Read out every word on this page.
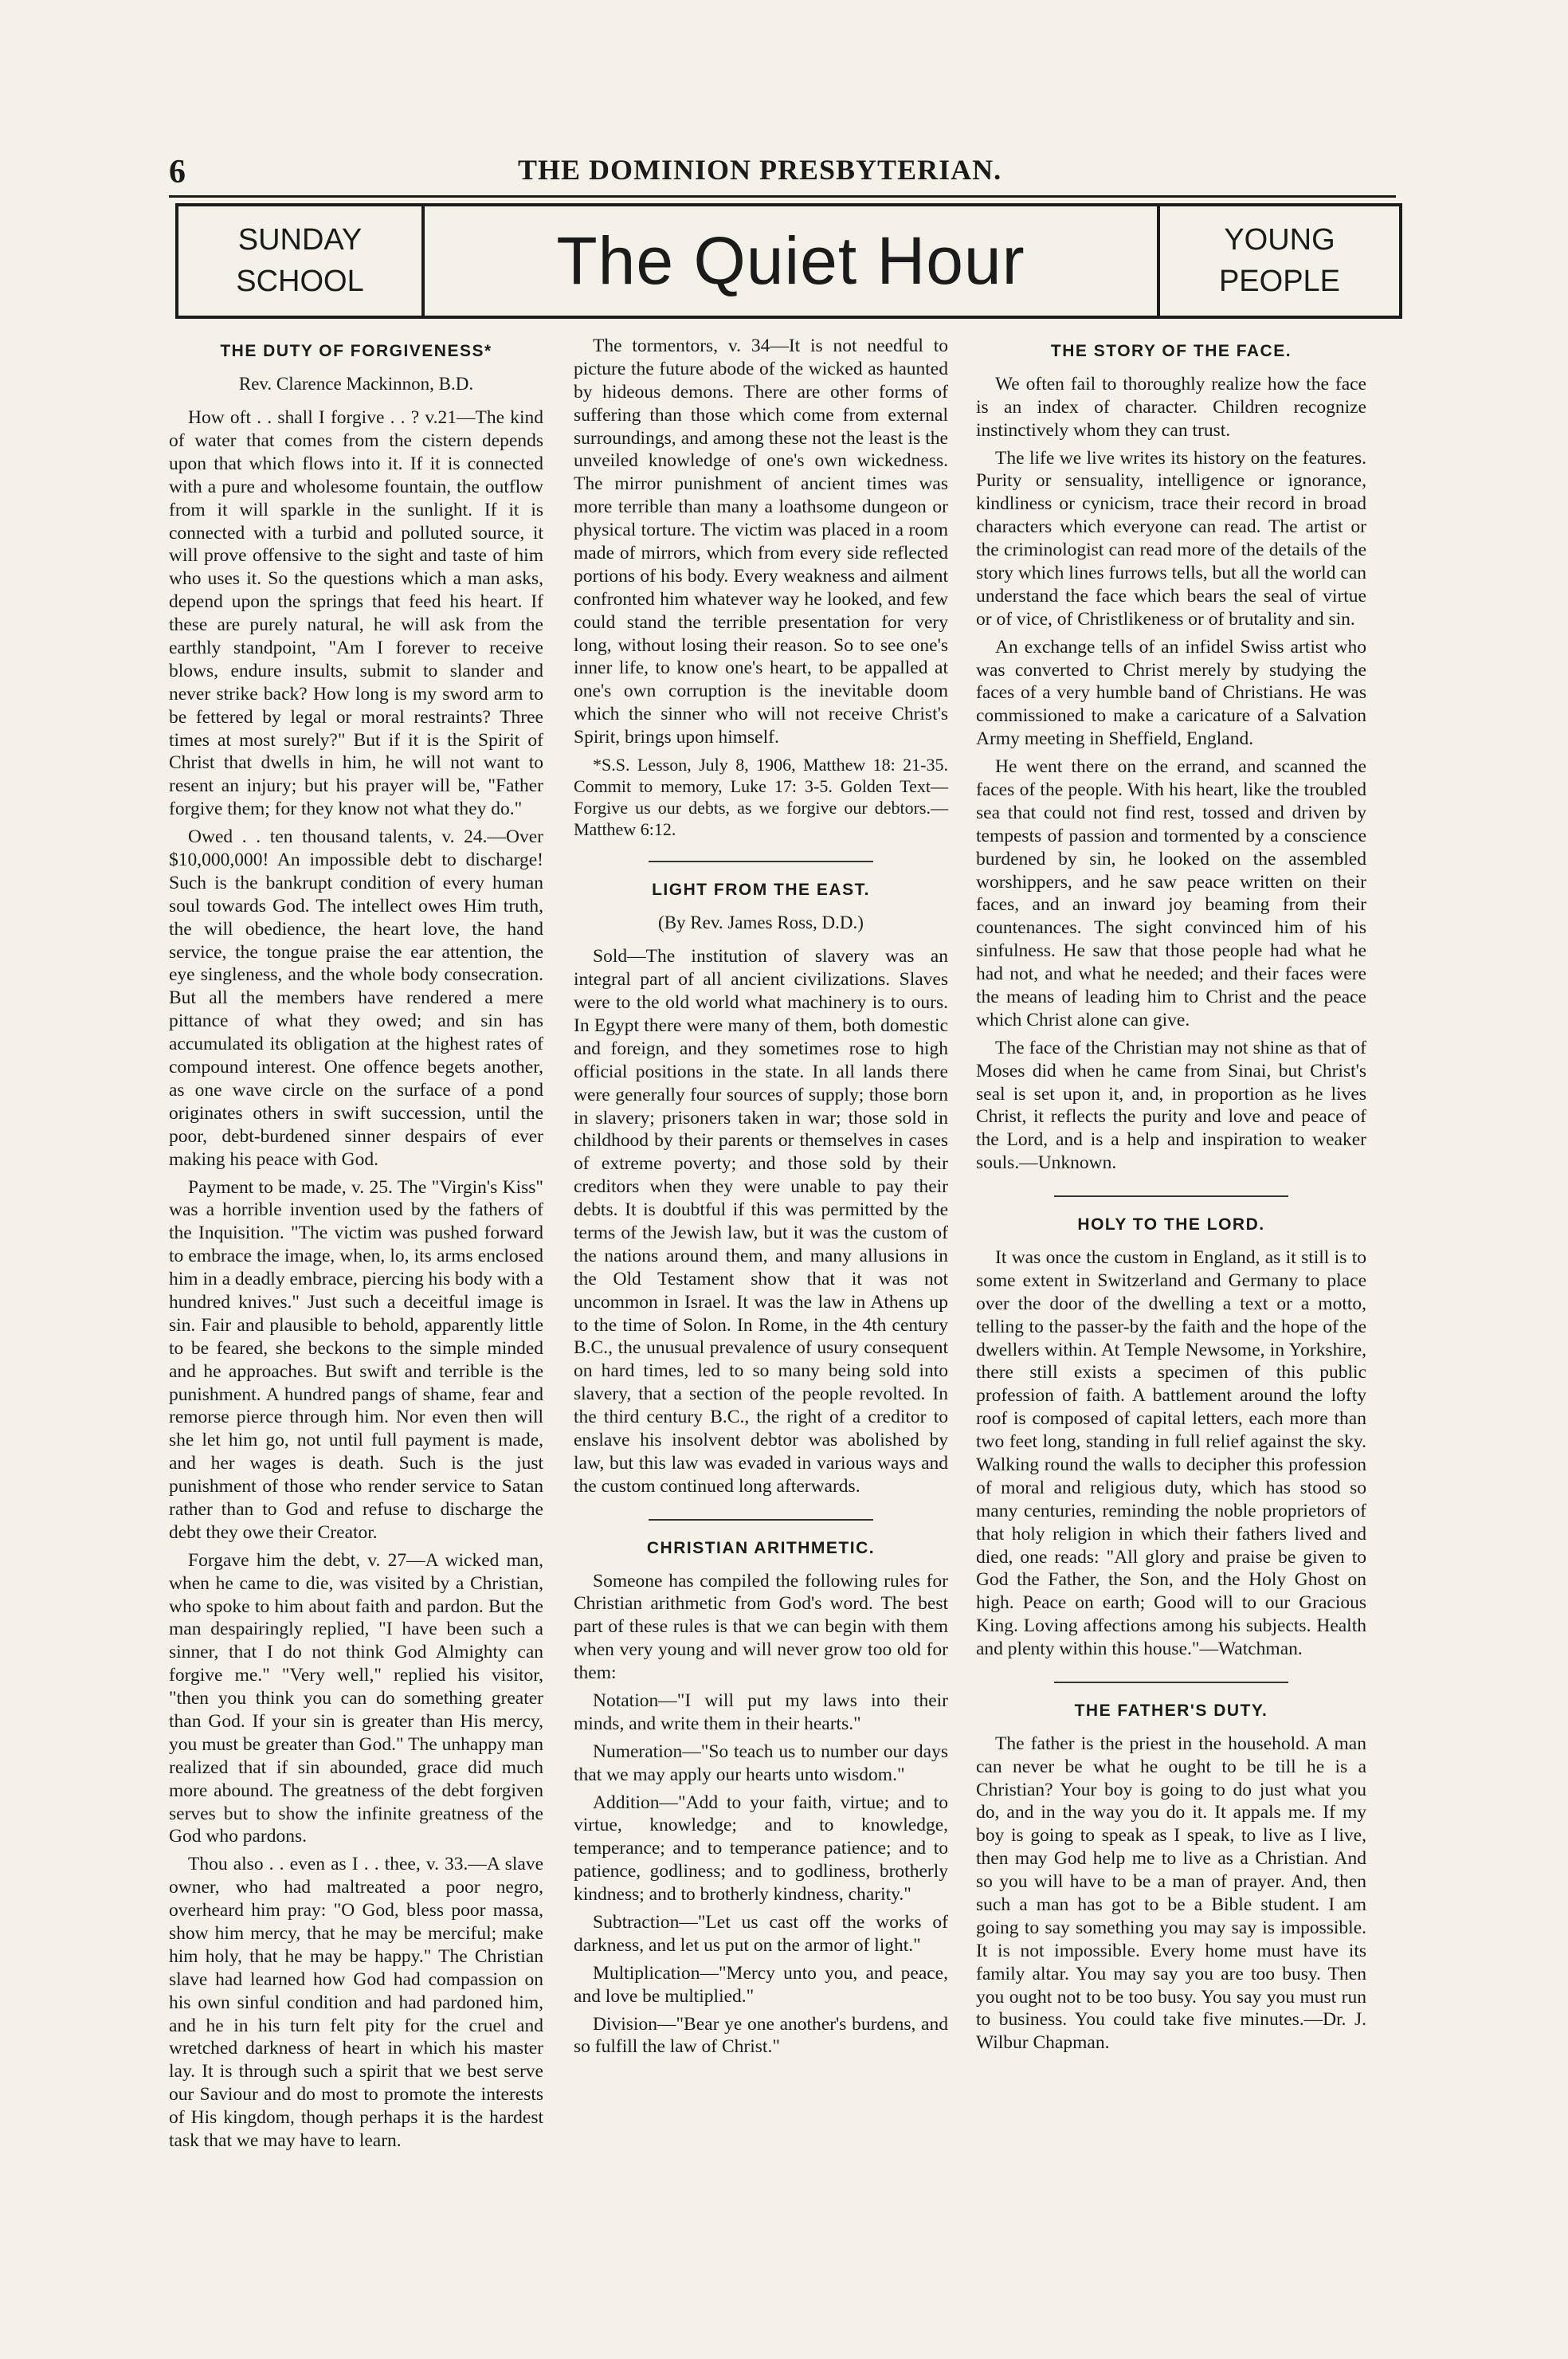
6	THE DOMINION PRESBYTERIAN.
SUNDAY
SCHOOL	The Quiet Hour	YOUNG
PEOPLE
THE DUTY OF FORGIVENESS*
Rev. Clarence Mackinnon, B.D.

How oft . . shall I forgive . . ? v.21—The kind of water that comes from the cistern depends upon that which flows into it. If it is connected with a pure and wholesome fountain, the outflow from it will sparkle in the sunlight. If it is connected with a turbid and polluted source, it will prove offensive to the sight and taste of him who uses it. So the questions which a man asks, depend upon the springs that feed his heart. If these are purely natural, he will ask from the earthly standpoint, "Am I forever to receive blows, endure insults, submit to slander and never strike back? How long is my sword arm to be fettered by legal or moral restraints? Three times at most surely?" But if it is the Spirit of Christ that dwells in him, he will not want to resent an injury; but his prayer will be, "Father forgive them; for they know not what they do."

Owed . . ten thousand talents, v. 24.—Over $10,000,000! An impossible debt to discharge! Such is the bankrupt condition of every human soul towards God. The intellect owes Him truth, the will obedience, the heart love, the hand service, the tongue praise the ear attention, the eye singleness, and the whole body consecration. But all the members have rendered a mere pittance of what they owed; and sin has accumulated its obligation at the highest rates of compound interest. One offence begets another, as one wave circle on the surface of a pond originates others in swift succession, until the poor, debt-burdened sinner despairs of ever making his peace with God.

Payment to be made, v. 25. The "Virgin's Kiss" was a horrible invention used by the fathers of the Inquisition. "The victim was pushed forward to embrace the image, when, lo, its arms enclosed him in a deadly embrace, piercing his body with a hundred knives." Just such a deceitful image is sin. Fair and plausible to behold, apparently little to be feared, she beckons to the simple minded and he approaches. But swift and terrible is the punishment. A hundred pangs of shame, fear and remorse pierce through him. Nor even then will she let him go, not until full payment is made, and her wages is death. Such is the just punishment of those who render service to Satan rather than to God and refuse to discharge the debt they owe their Creator.

Forgave him the debt, v. 27—A wicked man, when he came to die, was visited by a Christian, who spoke to him about faith and pardon. But the man despairingly replied, "I have been such a sinner, that I do not think God Almighty can forgive me." "Very well," replied his visitor, "then you think you can do something greater than God. If your sin is greater than His mercy, you must be greater than God." The unhappy man realized that if sin abounded, grace did much more abound. The greatness of the debt forgiven serves but to show the infinite greatness of the God who pardons.

Thou also . . even as I . . thee, v. 33.—A slave owner, who had maltreated a poor negro, overheard him pray: "O God, bless poor massa, show him mercy, that he may be merciful; make him holy, that he may be happy." The Christian slave had learned how God had compassion on his own sinful condition and had pardoned him, and he in his turn felt pity for the cruel and wretched darkness of heart in which his master lay. It is through such a spirit that we best serve our Saviour and do most to promote the interests of His kingdom, though perhaps it is the hardest task that we may have to learn.

The tormentors, v. 34—It is not needful to picture the future abode of the wicked as haunted by hideous demons. There are other forms of suffering than those which come from external surroundings, and among these not the least is the unveiled knowledge of one's own wickedness. The mirror punishment of ancient times was more terrible than many a loathsome dungeon or physical torture. The victim was placed in a room made of mirrors, which from every side reflected portions of his body. Every weakness and ailment confronted him whatever way he looked, and few could stand the terrible presentation for very long, without losing their reason. So to see one's inner life, to know one's heart, to be appalled at one's own corruption is the inevitable doom which the sinner who will not receive Christ's Spirit, brings upon himself.

*S.S. Lesson, July 8, 1906, Matthew 18: 21-35. Commit to memory, Luke 17: 3-5. Golden Text—Forgive us our debts, as we forgive our debtors.—Matthew 6:12.

LIGHT FROM THE EAST.
(By Rev. James Ross, D.D.)

Sold—The institution of slavery was an integral part of all ancient civilizations. Slaves were to the old world what machinery is to ours. In Egypt there were many of them, both domestic and foreign, and they sometimes rose to high official positions in the state. In all lands there were generally four sources of supply; those born in slavery; prisoners taken in war; those sold in childhood by their parents or themselves in cases of extreme poverty; and those sold by their creditors when they were unable to pay their debts. It is doubtful if this was permitted by the terms of the Jewish law, but it was the custom of the nations around them, and many allusions in the Old Testament show that it was not uncommon in Israel. It was the law in Athens up to the time of Solon. In Rome, in the 4th century B.C., the unusual prevalence of usury consequent on hard times, led to so many being sold into slavery, that a section of the people revolted. In the third century B.C., the right of a creditor to enslave his insolvent debtor was abolished by law, but this law was evaded in various ways and the custom continued long afterwards.

CHRISTIAN ARITHMETIC.

Someone has compiled the following rules for Christian arithmetic from God's word. The best part of these rules is that we can begin with them when very young and will never grow too old for them:

Notation—"I will put my laws into their minds, and write them in their hearts."

Numeration—"So teach us to number our days that we may apply our hearts unto wisdom."

Addition—"Add to your faith, virtue; and to virtue, knowledge; and to knowledge, temperance; and to temperance patience; and to patience, godliness; and to godliness, brotherly kindness; and to brotherly kindness, charity."

Subtraction—"Let us cast off the works of darkness, and let us put on the armor of light."

Multiplication—"Mercy unto you, and peace, and love be multiplied."

Division—"Bear ye one another's burdens, and so fulfill the law of Christ."

THE STORY OF THE FACE.

We often fail to thoroughly realize how the face is an index of character. Children recognize instinctively whom they can trust.

The life we live writes its history on the features. Purity or sensuality, intelligence or ignorance, kindliness or cynicism, trace their record in broad characters which everyone can read. The artist or the criminologist can read more of the details of the story which lines furrows tells, but all the world can understand the face which bears the seal of virtue or of vice, of Christlikeness or of brutality and sin.

An exchange tells of an infidel Swiss artist who was converted to Christ merely by studying the faces of a very humble band of Christians. He was commissioned to make a caricature of a Salvation Army meeting in Sheffield, England.

He went there on the errand, and scanned the faces of the people. With his heart, like the troubled sea that could not find rest, tossed and driven by tempests of passion and tormented by a conscience burdened by sin, he looked on the assembled worshippers, and he saw peace written on their faces, and an inward joy beaming from their countenances. The sight convinced him of his sinfulness. He saw that those people had what he had not, and what he needed; and their faces were the means of leading him to Christ and the peace which Christ alone can give.

The face of the Christian may not shine as that of Moses did when he came from Sinai, but Christ's seal is set upon it, and, in proportion as he lives Christ, it reflects the purity and love and peace of the Lord, and is a help and inspiration to weaker souls.—Unknown.

HOLY TO THE LORD.

It was once the custom in England, as it still is to some extent in Switzerland and Germany to place over the door of the dwelling a text or a motto, telling to the passer-by the faith and the hope of the dwellers within. At Temple Newsome, in Yorkshire, there still exists a specimen of this public profession of faith. A battlement around the lofty roof is composed of capital letters, each more than two feet long, standing in full relief against the sky. Walking round the walls to decipher this profession of moral and religious duty, which has stood so many centuries, reminding the noble proprietors of that holy religion in which their fathers lived and died, one reads: "All glory and praise be given to God the Father, the Son, and the Holy Ghost on high. Peace on earth; Good will to our Gracious King. Loving affections among his subjects. Health and plenty within this house."—Watchman.

THE FATHER'S DUTY.

The father is the priest in the household. A man can never be what he ought to be till he is a Christian? Your boy is going to do just what you do, and in the way you do it. It appals me. If my boy is going to speak as I speak, to live as I live, then may God help me to live as a Christian. And so you will have to be a man of prayer. And, then such a man has got to be a Bible student. I am going to say something you may say is impossible. It is not impossible. Every home must have its family altar. You may say you are too busy. Then you ought not to be too busy. You say you must run to business. You could take five minutes.—Dr. J. Wilbur Chapman.
